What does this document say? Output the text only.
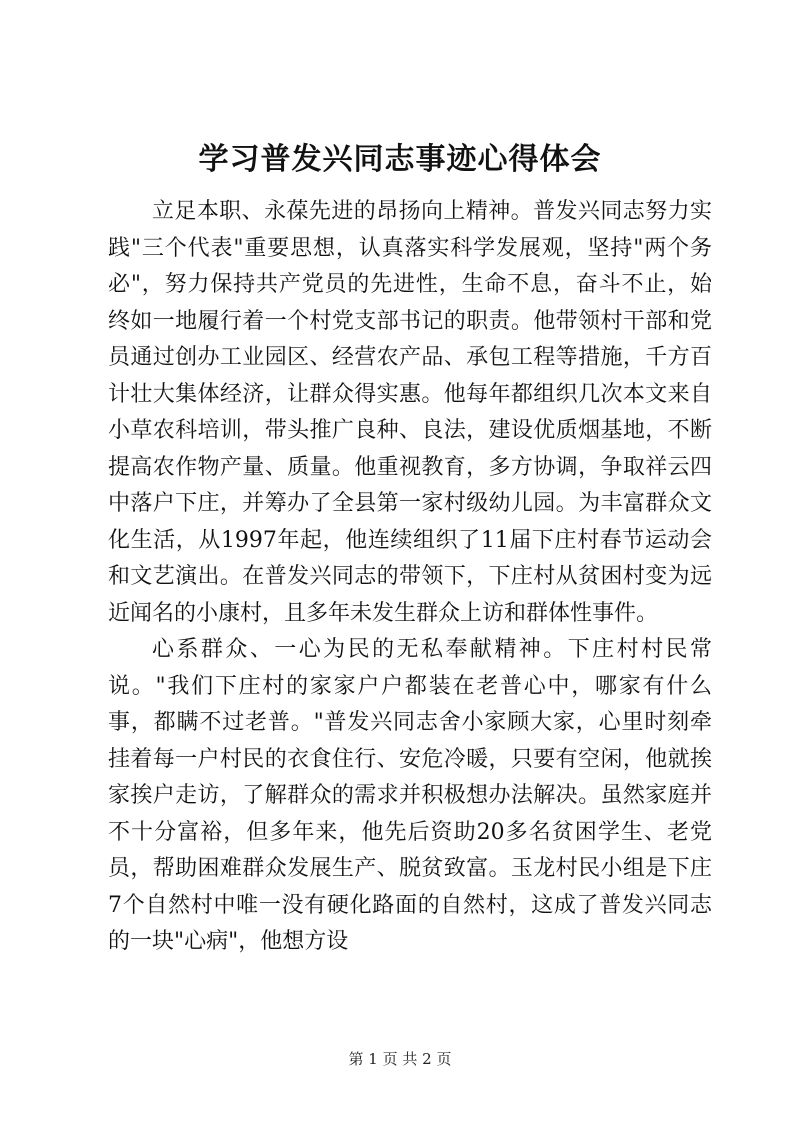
学习普发兴同志事迹心得体会

立足本职、永葆先进的昂扬向上精神。普发兴同志努力实践"三个代表"重要思想，认真落实科学发展观，坚持"两个务必"，努力保持共产党员的先进性，生命不息，奋斗不止，始终如一地履行着一个村党支部书记的职责。他带领村干部和党员通过创办工业园区、经营农产品、承包工程等措施，千方百计壮大集体经济，让群众得实惠。他每年都组织几次本文来自小草农科培训，带头推广良种、良法，建设优质烟基地，不断提高农作物产量、质量。他重视教育，多方协调，争取祥云四中落户下庄，并筹办了全县第一家村级幼儿园。为丰富群众文化生活，从1997年起，他连续组织了11届下庄村春节运动会和文艺演出。在普发兴同志的带领下，下庄村从贫困村变为远近闻名的小康村，且多年未发生群众上访和群体性事件。

心系群众、一心为民的无私奉献精神。下庄村村民常说。"我们下庄村的家家户户都装在老普心中，哪家有什么事，都瞒不过老普。"普发兴同志舍小家顾大家，心里时刻牵挂着每一户村民的衣食住行、安危冷暖，只要有空闲，他就挨家挨户走访，了解群众的需求并积极想办法解决。虽然家庭并不十分富裕，但多年来，他先后资助20多名贫困学生、老党员，帮助困难群众发展生产、脱贫致富。玉龙村民小组是下庄7个自然村中唯一没有硬化路面的自然村，这成了普发兴同志的一块"心病"，他想方设

第 1 页 共 2 页
